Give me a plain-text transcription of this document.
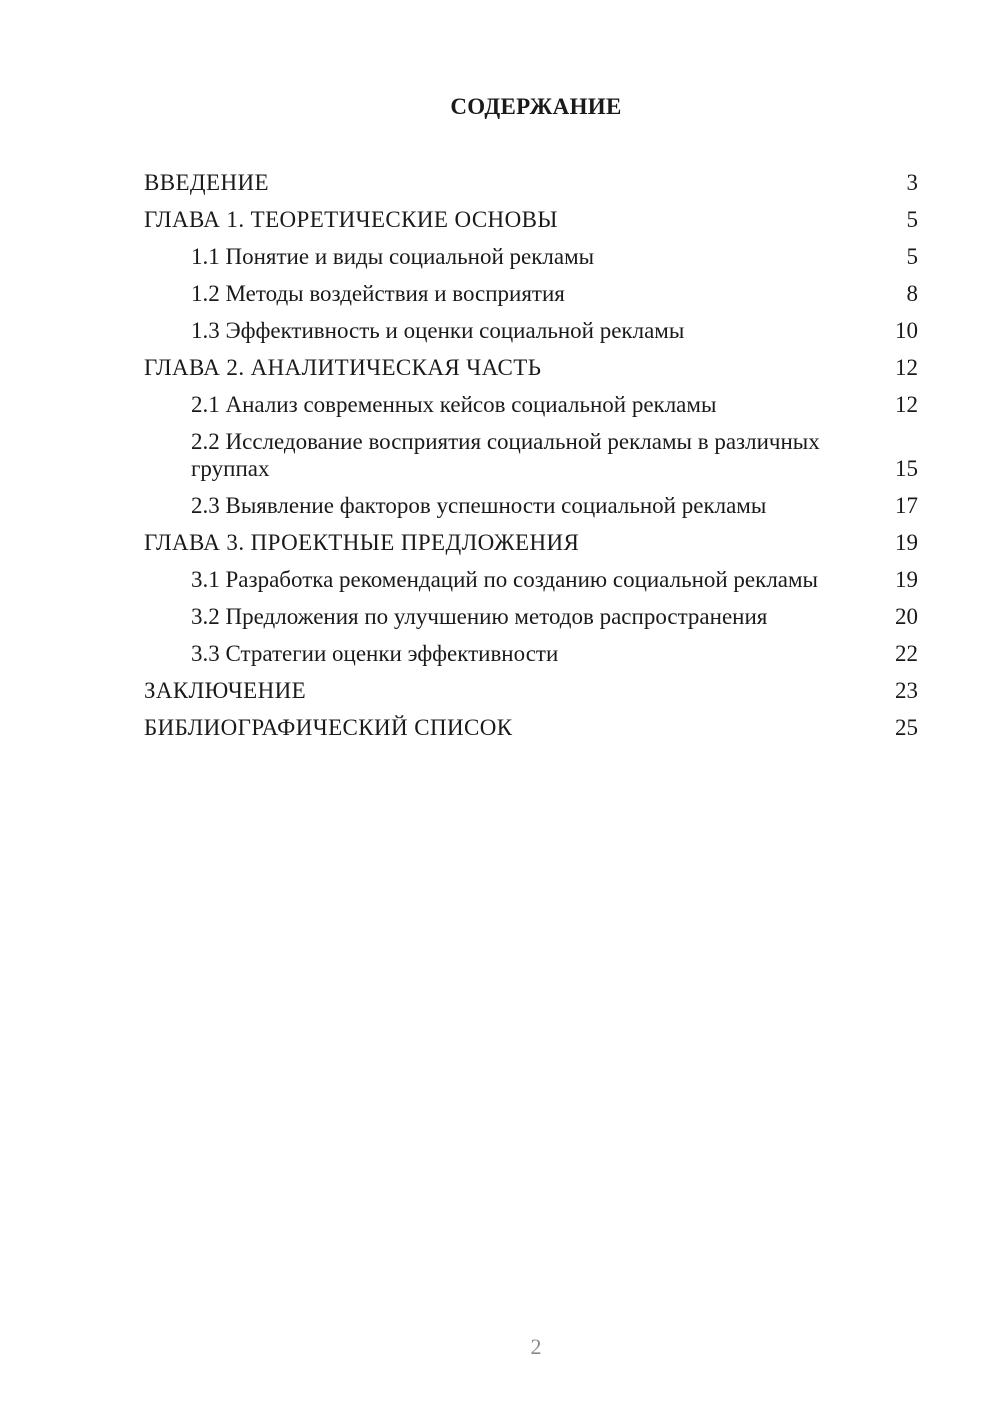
СОДЕРЖАНИЕ
ВВЕДЕНИЕ	3
ГЛАВА 1. ТЕОРЕТИЧЕСКИЕ ОСНОВЫ	5
1.1 Понятие и виды социальной рекламы	5
1.2 Методы воздействия и восприятия	8
1.3 Эффективность и оценки социальной рекламы	10
ГЛАВА 2. АНАЛИТИЧЕСКАЯ ЧАСТЬ	12
2.1 Анализ современных кейсов социальной рекламы	12
2.2 Исследование восприятия социальной рекламы в различных группах	15
2.3 Выявление факторов успешности социальной рекламы	17
ГЛАВА 3. ПРОЕКТНЫЕ ПРЕДЛОЖЕНИЯ	19
3.1 Разработка рекомендаций по созданию социальной рекламы	19
3.2 Предложения по улучшению методов распространения	20
3.3 Стратегии оценки эффективности	22
ЗАКЛЮЧЕНИЕ	23
БИБЛИОГРАФИЧЕСКИЙ СПИСОК	25
2
